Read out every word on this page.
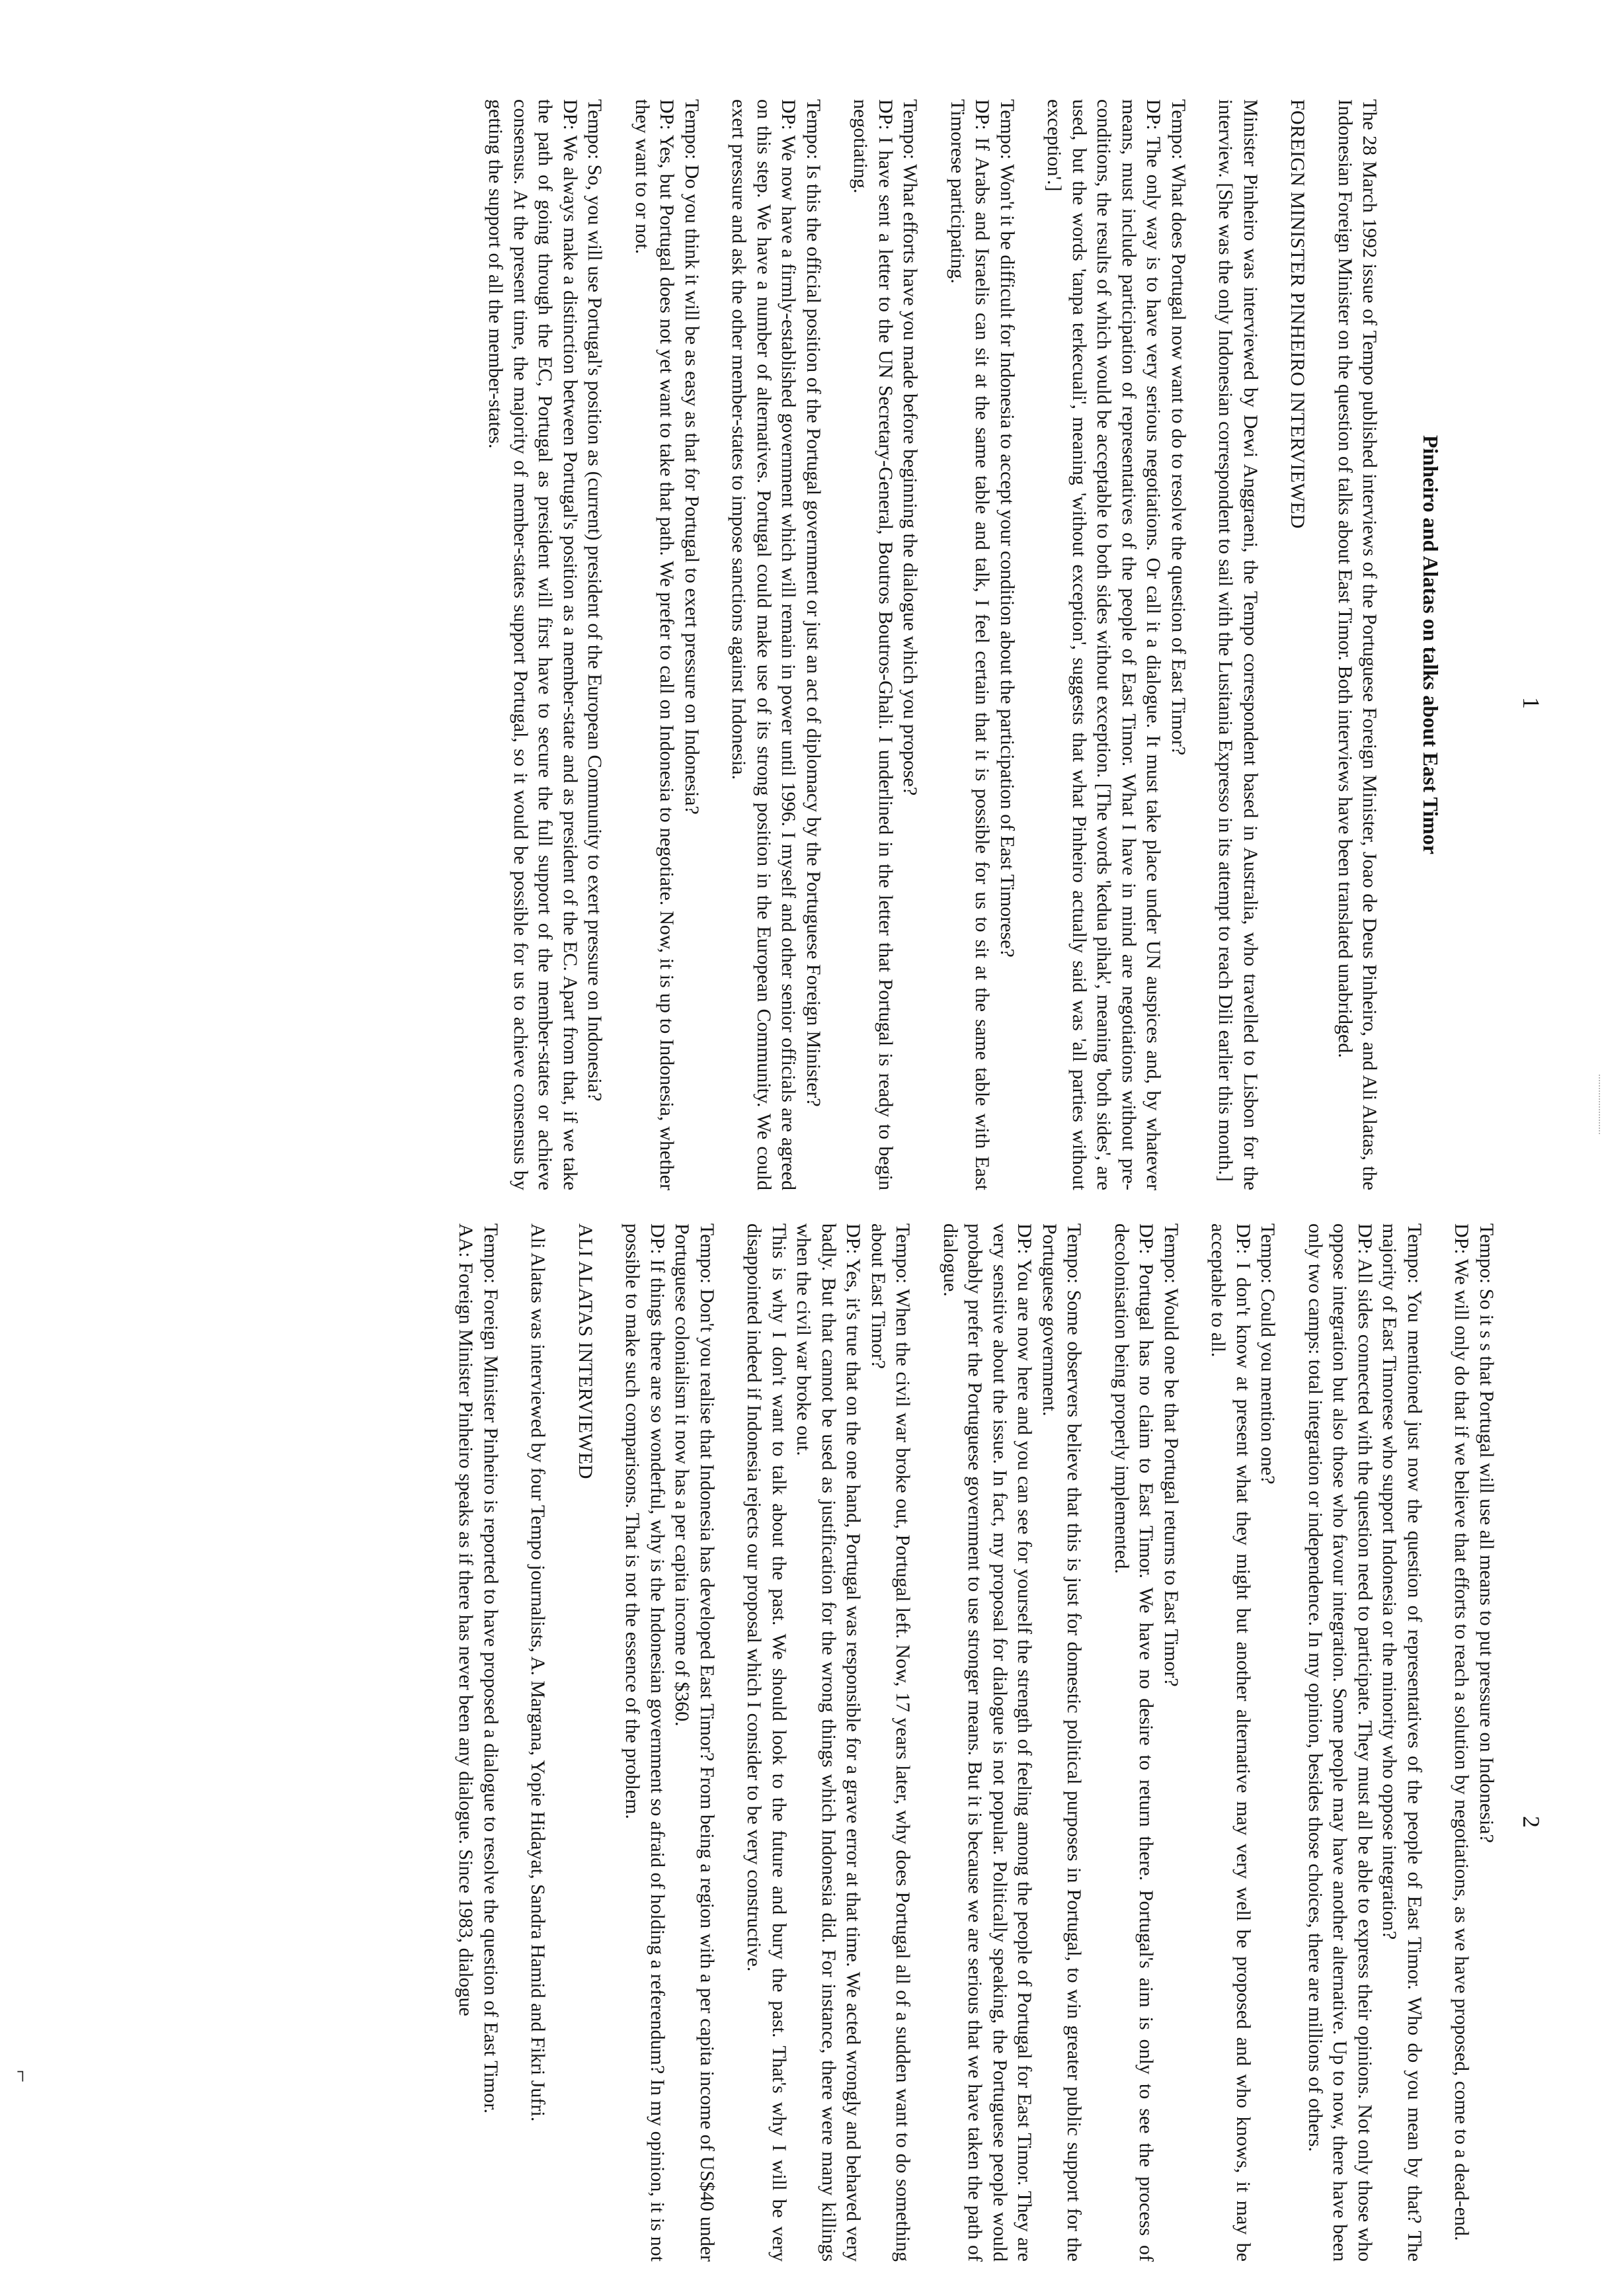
1
2
Pinheiro and Alatas on talks about East Timor
The 28 March 1992 issue of Tempo published interviews of the Portuguese Foreign Minister, Joao de Deus Pinheiro, and Ali Alatas, the Indonesian Foreign Minister on the question of talks about East Timor. Both interviews have been translated unabridged.
FOREIGN MINISTER PINHEIRO INTERVIEWED
Minister Pinheiro was interviewed by Dewi Anggraeni, the Tempo correspondent based in Australia, who travelled to Lisbon for the interview. [She was the only Indonesian correspondent to sail with the Lusitania Expresso in its attempt to reach Dili earlier this month.]
Tempo: What does Portugal now want to do to resolve the question of East Timor?
DP: The only way is to have very serious negotiations. Or call it a dialogue. It must take place under UN auspices and, by whatever means, must include participation of representatives of the people of East Timor. What I have in mind are negotiations without pre-conditions, the results of which would be acceptable to both sides without exception. [The words 'kedua pihak', meaning 'both sides', are used, but the words 'tanpa terkecuali', meaning 'without exception', suggests that what Pinheiro actually said was 'all parties without exception'.]
Tempo: Won't it be difficult for Indonesia to accept your condition about the participation of East Timorese?
DP: If Arabs and Israelis can sit at the same table and talk, I feel certain that it is possible for us to sit at the same table with East Timorese participating.
Tempo: What efforts have you made before beginning the dialogue which you propose?
DP: I have sent a letter to the UN Secretary-General, Boutros Boutros-Ghali. I underlined in the letter that Portugal is ready to begin negotiating.
Tempo: Is this the official position of the Portugal government or just an act of diplomacy by the Portuguese Foreign Minister?
DP: We now have a firmly-established government which will remain in power until 1996. I myself and other senior officials are agreed on this step. We have a number of alternatives. Portugal could make use of its strong position in the European Community. We could exert pressure and ask the other member-states to impose sanctions against Indonesia.
Tempo: Do you think it will be as easy as that for Portugal to exert pressure on Indonesia?
DP: Yes, but Portugal does not yet want to take that path. We prefer to call on Indonesia to negotiate. Now, it is up to Indonesia, whether they want to or not.
Tempo: So, you will use Portugal's position as (current) president of the European Community to exert pressure on Indonesia?
DP: We always make a distinction between Portugal's position as a member-state and as president of the EC. Apart from that, if we take the path of going through the EC, Portugal as president will first have to secure the full support of the member-states or achieve consensus. At the present time, the majority of member-states support Portugal, so it would be possible for us to achieve consensus by getting the support of all the member-states.
Tempo: So it s s that Portugal will use all means to put pressure on Indonesia?
DP: We will only do that if we believe that efforts to reach a solution by negotiations, as we have proposed, come to a dead-end.
Tempo: You mentioned just now the question of representatives of the people of East Timor. Who do you mean by that? The majority of East Timorese who support Indonesia or the minority who oppose integration?
DP: All sides connected with the question need to participate. They must all be able to express their opinions. Not only those who oppose integration but also those who favour integration. Some people may have another alternative. Up to now, there have been only two camps: total integration or independence. In my opinion, besides those choices, there are millions of others.
Tempo: Could you mention one?
DP: I don't know at present what they might but another alternative may very well be proposed and who knows, it may be acceptable to all.
Tempo: Would one be that Portugal returns to East Timor?
DP: Portugal has no claim to East Timor. We have no desire to return there. Portugal's aim is only to see the process of decolonisation being properly implemented.
Tempo: Some observers believe that this is just for domestic political purposes in Portugal, to win greater public support for the Portuguese government.
DP: You are now here and you can see for yourself the strength of feeling among the people of Portugal for East Timor. They are very sensitive about the issue. In fact, my proposal for dialogue is not popular. Politically speaking, the Portuguese people would probably prefer the Portuguese government to use stronger means. But it is because we are serious that we have taken the path of dialogue.
Tempo: When the civil war broke out, Portugal left. Now, 17 years later, why does Portugal all of a sudden want to do something about East Timor?
DP: Yes, it's true that on the one hand, Portugal was responsible for a grave error at that time. We acted wrongly and behaved very badly. But that cannot be used as justification for the wrong things which Indonesia did. For instance, there were many killings when the civil war broke out.
This is why I don't want to talk about the past. We should look to the future and bury the past. That's why I will be very disappointed indeed if Indonesia rejects our proposal which I consider to be very constructive.
Tempo: Don't you realise that Indonesia has developed East Timor? From being a region with a per capita income of US$40 under Portuguese colonialism it now has a per capita income of $360.
DP: If things there are so wonderful, why is the Indonesian government so afraid of holding a referendum? In my opinion, it is not possible to make such comparisons. That is not the essence of the problem.
ALI ALATAS INTERVIEWED
Ali Alatas was interviewed by four Tempo journalists, A. Margana, Yopie Hidayat, Sandra Hamid and Fikri Jufri.
Tempo: Foreign Minister Pinheiro is reported to have proposed a dialogue to resolve the question of East Timor.
AA: Foreign Minister Pinheiro speaks as if there has never been any dialogue. Since 1983, dialogue
⌐
